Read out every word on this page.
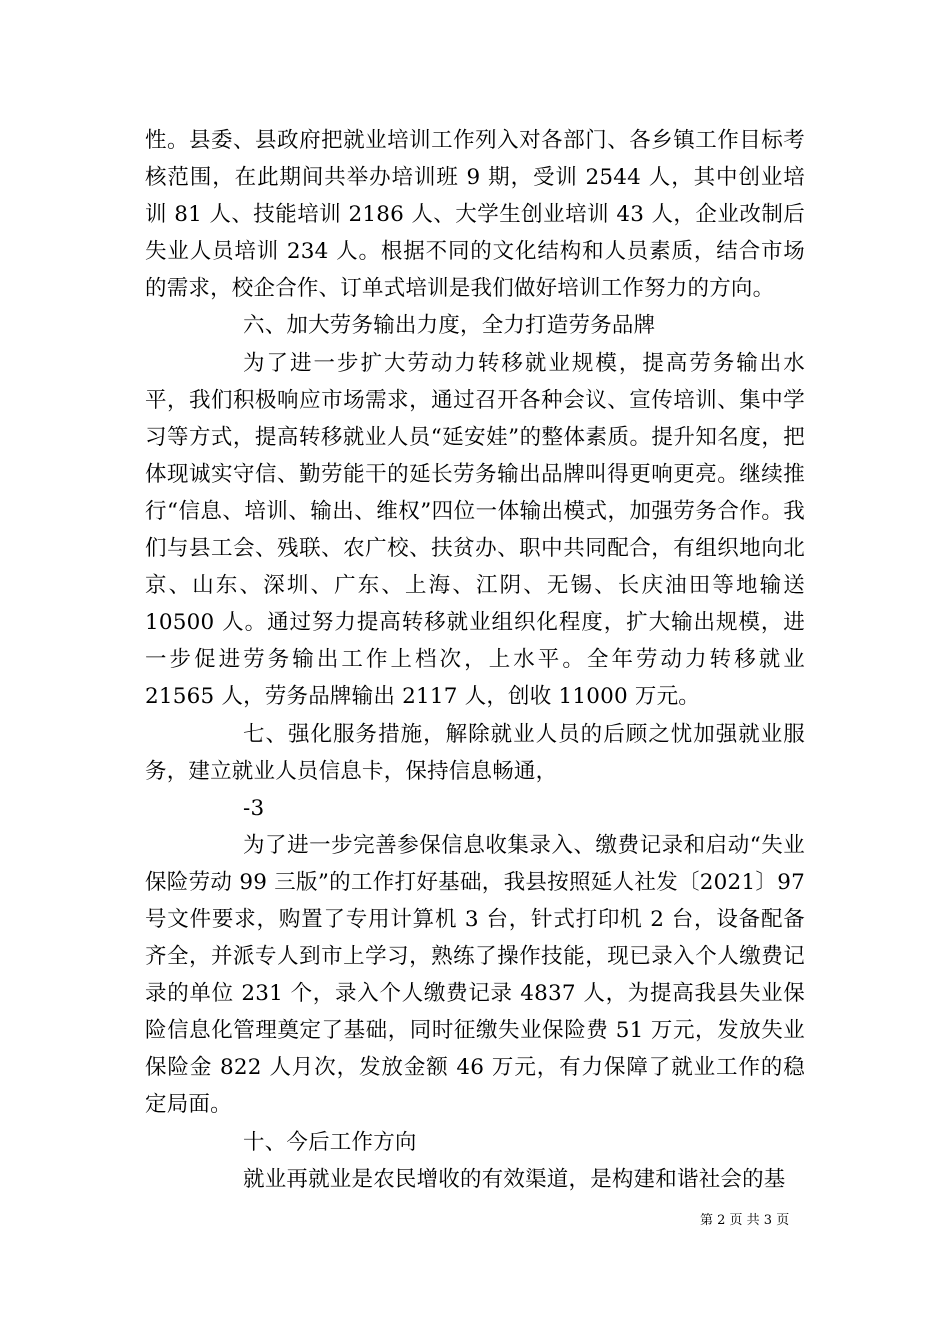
性。县委、县政府把就业培训工作列入对各部门、各乡镇工作目标考核范围，在此期间共举办培训班 9 期，受训 2544 人，其中创业培训 81 人、技能培训 2186 人、大学生创业培训 43 人，企业改制后失业人员培训 234 人。根据不同的文化结构和人员素质，结合市场的需求，校企合作、订单式培训是我们做好培训工作努力的方向。

六、加大劳务输出力度，全力打造劳务品牌

为了进一步扩大劳动力转移就业规模，提高劳务输出水平，我们积极响应市场需求，通过召开各种会议、宣传培训、集中学习等方式，提高转移就业人员“延安娃”的整体素质。提升知名度，把体现诚实守信、勤劳能干的延长劳务输出品牌叫得更响更亮。继续推行“信息、培训、输出、维权”四位一体输出模式，加强劳务合作。我们与县工会、残联、农广校、扶贫办、职中共同配合，有组织地向北京、山东、深圳、广东、上海、江阴、无锡、长庆油田等地输送 10500 人。通过努力提高转移就业组织化程度，扩大输出规模，进一步促进劳务输出工作上档次，上水平。全年劳动力转移就业 21565 人，劳务品牌输出 2117 人，创收 11000 万元。

七、强化服务措施，解除就业人员的后顾之忧加强就业服务，建立就业人员信息卡，保持信息畅通，

-3

为了进一步完善参保信息收集录入、缴费记录和启动“失业保险劳动 99 三版”的工作打好基础，我县按照延人社发〔2021〕97 号文件要求，购置了专用计算机 3 台，针式打印机 2 台，设备配备齐全，并派专人到市上学习，熟练了操作技能，现已录入个人缴费记录的单位 231 个，录入个人缴费记录 4837 人，为提高我县失业保险信息化管理奠定了基础，同时征缴失业保险费 51 万元，发放失业保险金 822 人月次，发放金额 46 万元，有力保障了就业工作的稳定局面。

十、今后工作方向

就业再就业是农民增收的有效渠道，是构建和谐社会的基

第 2 页 共 3 页
